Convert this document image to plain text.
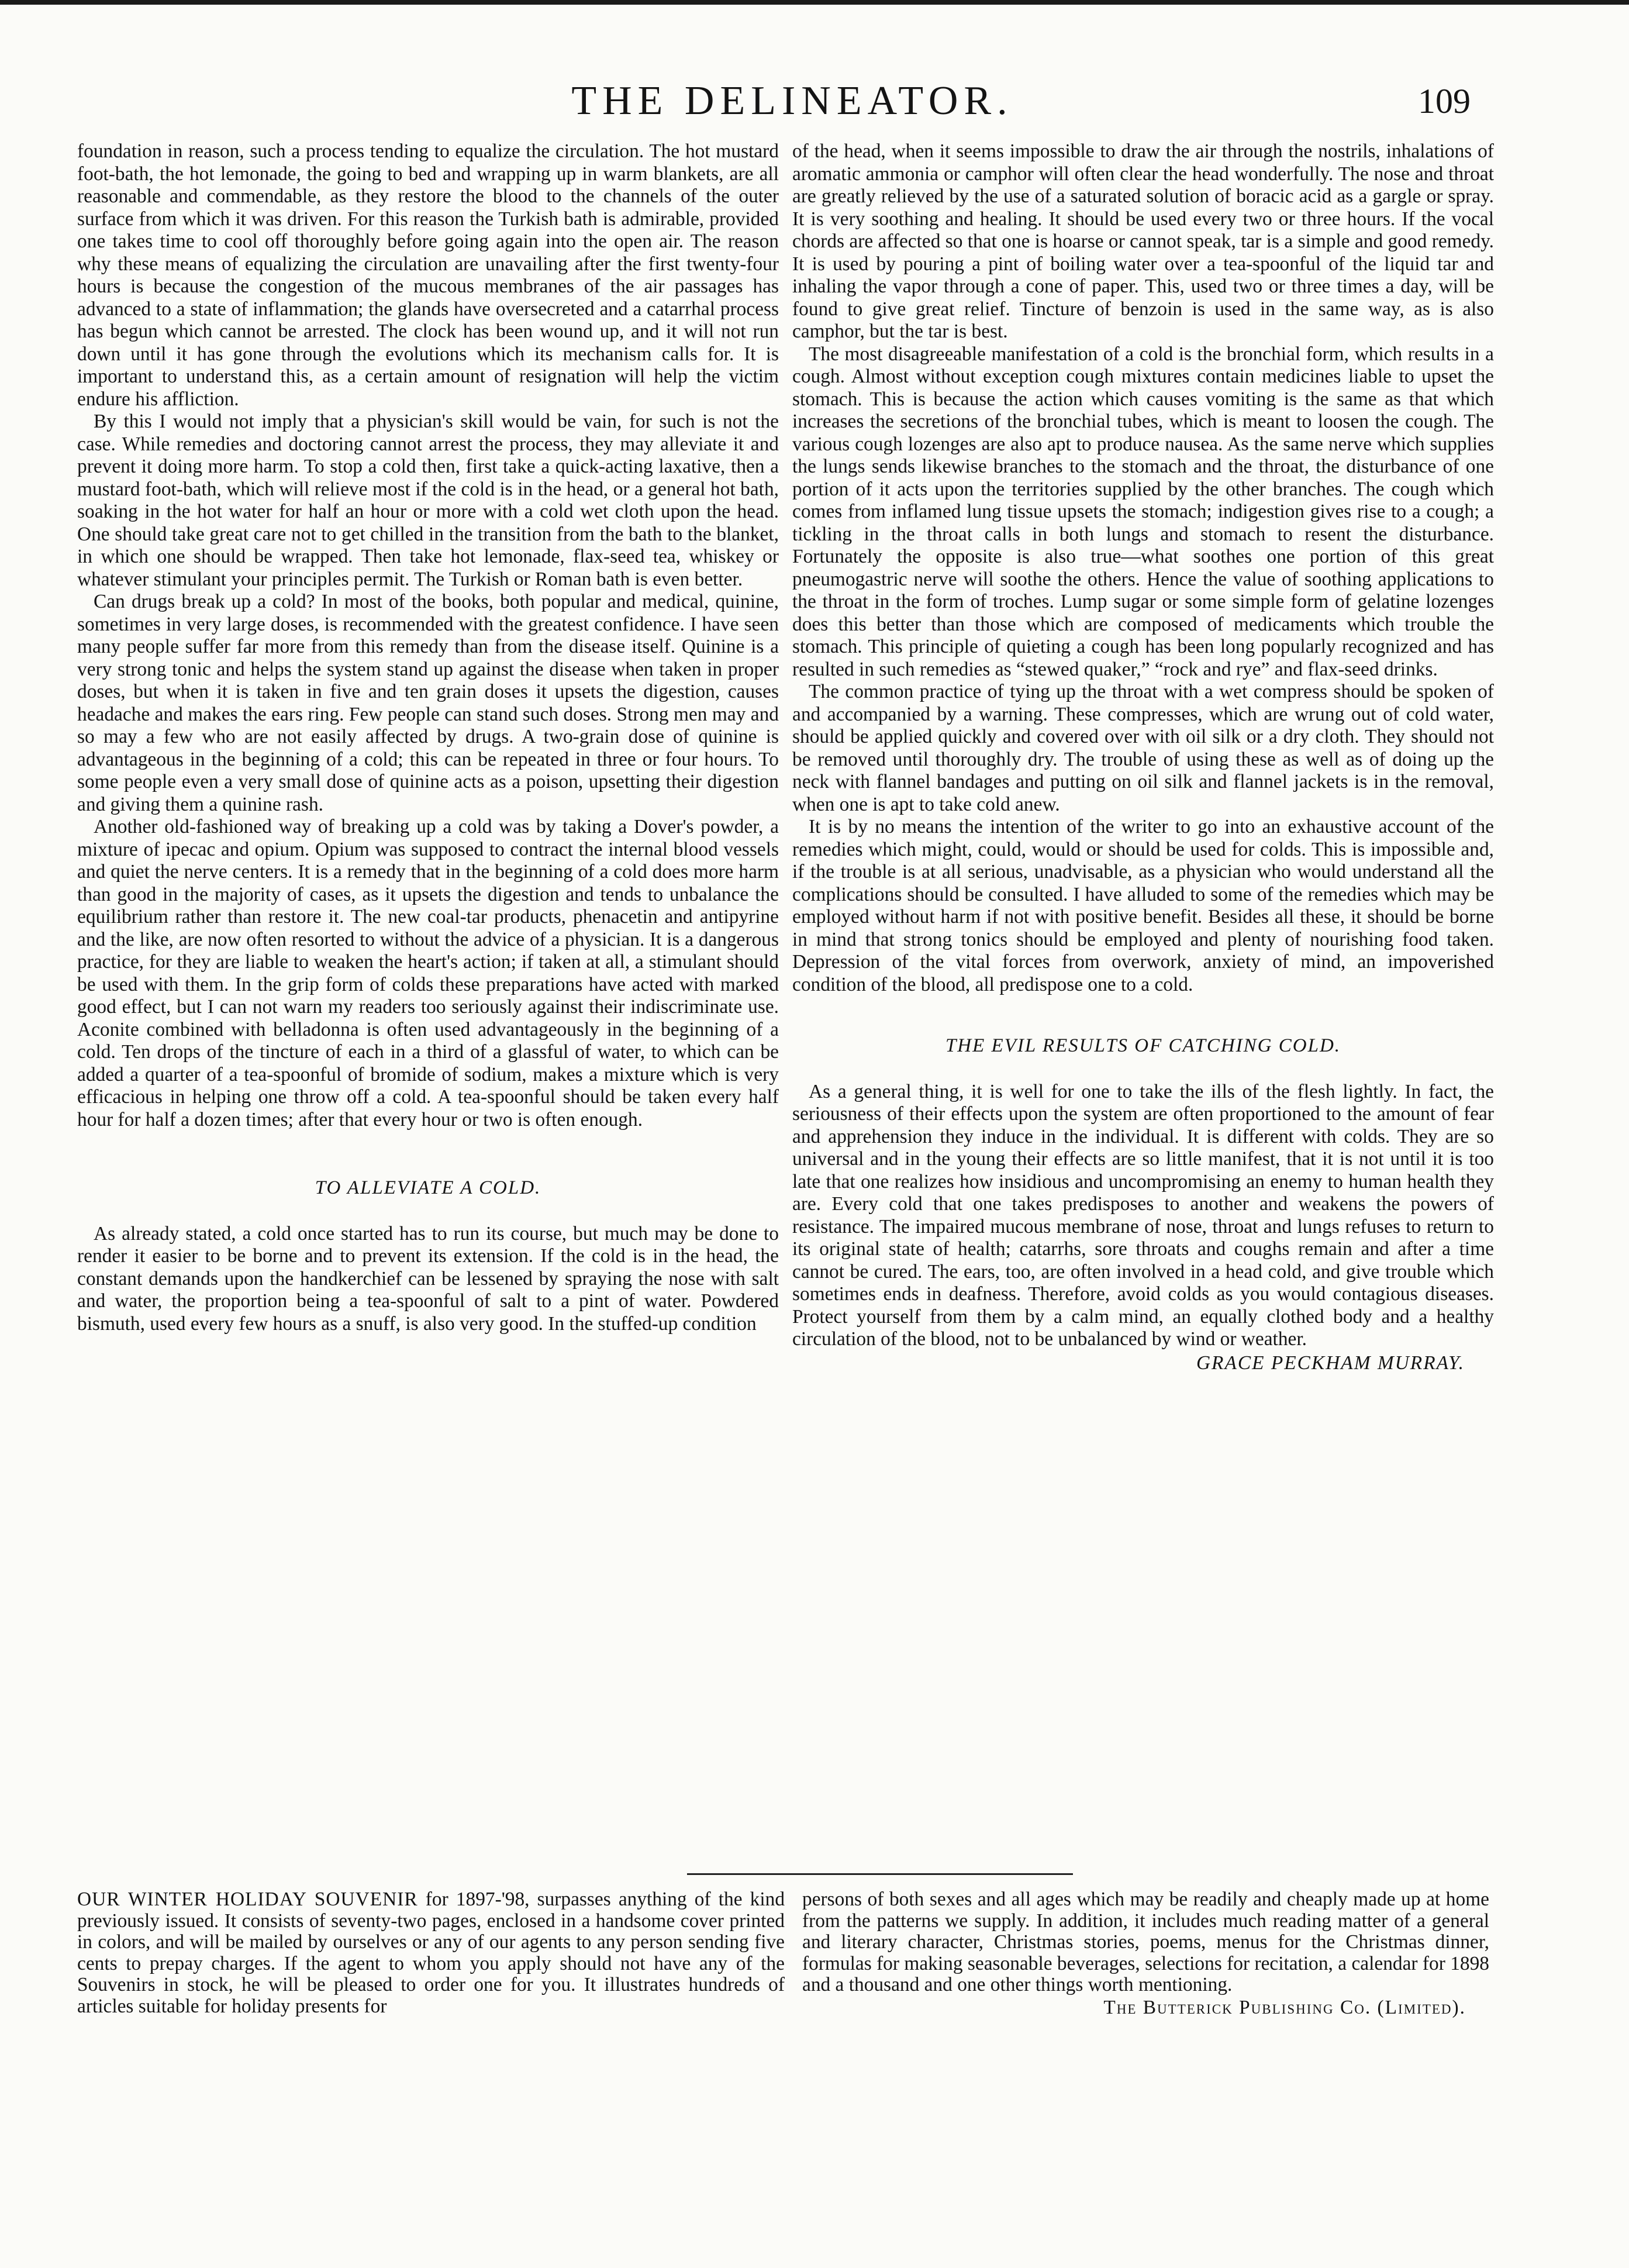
THE DELINEATOR.	109

foundation in reason, such a process tending to equalize the circulation. The hot mustard foot-bath, the hot lemonade, the going to bed and wrapping up in warm blankets, are all reasonable and commendable, as they restore the blood to the channels of the outer surface from which it was driven. For this reason the Turkish bath is admirable, provided one takes time to cool off thoroughly before going again into the open air. The reason why these means of equalizing the circulation are unavailing after the first twenty-four hours is because the congestion of the mucous membranes of the air passages has advanced to a state of inflammation; the glands have oversecreted and a catarrhal process has begun which cannot be arrested. The clock has been wound up, and it will not run down until it has gone through the evolutions which its mechanism calls for. It is important to understand this, as a certain amount of resignation will help the victim endure his affliction.

By this I would not imply that a physician's skill would be vain, for such is not the case. While remedies and doctoring cannot arrest the process, they may alleviate it and prevent it doing more harm. To stop a cold then, first take a quick-acting laxative, then a mustard foot-bath, which will relieve most if the cold is in the head, or a general hot bath, soaking in the hot water for half an hour or more with a cold wet cloth upon the head. One should take great care not to get chilled in the transition from the bath to the blanket, in which one should be wrapped. Then take hot lemonade, flax-seed tea, whiskey or whatever stimulant your principles permit. The Turkish or Roman bath is even better.

Can drugs break up a cold? In most of the books, both popular and medical, quinine, sometimes in very large doses, is recommended with the greatest confidence. I have seen many people suffer far more from this remedy than from the disease itself. Quinine is a very strong tonic and helps the system stand up against the disease when taken in proper doses, but when it is taken in five and ten grain doses it upsets the digestion, causes headache and makes the ears ring. Few people can stand such doses. Strong men may and so may a few who are not easily affected by drugs. A two-grain dose of quinine is advantageous in the beginning of a cold; this can be repeated in three or four hours. To some people even a very small dose of quinine acts as a poison, upsetting their digestion and giving them a quinine rash.

Another old-fashioned way of breaking up a cold was by taking a Dover's powder, a mixture of ipecac and opium. Opium was supposed to contract the internal blood vessels and quiet the nerve centers. It is a remedy that in the beginning of a cold does more harm than good in the majority of cases, as it upsets the digestion and tends to unbalance the equilibrium rather than restore it. The new coal-tar products, phenacetin and antipyrine and the like, are now often resorted to without the advice of a physician. It is a dangerous practice, for they are liable to weaken the heart's action; if taken at all, a stimulant should be used with them. In the grip form of colds these preparations have acted with marked good effect, but I can not warn my readers too seriously against their indiscriminate use. Aconite combined with belladonna is often used advantageously in the beginning of a cold. Ten drops of the tincture of each in a third of a glassful of water, to which can be added a quarter of a tea-spoonful of bromide of sodium, makes a mixture which is very efficacious in helping one throw off a cold. A tea-spoonful should be taken every half hour for half a dozen times; after that every hour or two is often enough.

TO ALLEVIATE A COLD.

As already stated, a cold once started has to run its course, but much may be done to render it easier to be borne and to prevent its extension. If the cold is in the head, the constant demands upon the handkerchief can be lessened by spraying the nose with salt and water, the proportion being a tea-spoonful of salt to a pint of water. Powdered bismuth, used every few hours as a snuff, is also very good. In the stuffed-up condition

of the head, when it seems impossible to draw the air through the nostrils, inhalations of aromatic ammonia or camphor will often clear the head wonderfully. The nose and throat are greatly relieved by the use of a saturated solution of boracic acid as a gargle or spray. It is very soothing and healing. It should be used every two or three hours. If the vocal chords are affected so that one is hoarse or cannot speak, tar is a simple and good remedy. It is used by pouring a pint of boiling water over a tea-spoonful of the liquid tar and inhaling the vapor through a cone of paper. This, used two or three times a day, will be found to give great relief. Tincture of benzoin is used in the same way, as is also camphor, but the tar is best.

The most disagreeable manifestation of a cold is the bronchial form, which results in a cough. Almost without exception cough mixtures contain medicines liable to upset the stomach. This is because the action which causes vomiting is the same as that which increases the secretions of the bronchial tubes, which is meant to loosen the cough. The various cough lozenges are also apt to produce nausea. As the same nerve which supplies the lungs sends likewise branches to the stomach and the throat, the disturbance of one portion of it acts upon the territories supplied by the other branches. The cough which comes from inflamed lung tissue upsets the stomach; indigestion gives rise to a cough; a tickling in the throat calls in both lungs and stomach to resent the disturbance. Fortunately the opposite is also true—what soothes one portion of this great pneumogastric nerve will soothe the others. Hence the value of soothing applications to the throat in the form of troches. Lump sugar or some simple form of gelatine lozenges does this better than those which are composed of medicaments which trouble the stomach. This principle of quieting a cough has been long popularly recognized and has resulted in such remedies as “stewed quaker,” “rock and rye” and flax-seed drinks.

The common practice of tying up the throat with a wet compress should be spoken of and accompanied by a warning. These compresses, which are wrung out of cold water, should be applied quickly and covered over with oil silk or a dry cloth. They should not be removed until thoroughly dry. The trouble of using these as well as of doing up the neck with flannel bandages and putting on oil silk and flannel jackets is in the removal, when one is apt to take cold anew.

It is by no means the intention of the writer to go into an exhaustive account of the remedies which might, could, would or should be used for colds. This is impossible and, if the trouble is at all serious, unadvisable, as a physician who would understand all the complications should be consulted. I have alluded to some of the remedies which may be employed without harm if not with positive benefit. Besides all these, it should be borne in mind that strong tonics should be employed and plenty of nourishing food taken. Depression of the vital forces from overwork, anxiety of mind, an impoverished condition of the blood, all predispose one to a cold.

THE EVIL RESULTS OF CATCHING COLD.

As a general thing, it is well for one to take the ills of the flesh lightly. In fact, the seriousness of their effects upon the system are often proportioned to the amount of fear and apprehension they induce in the individual. It is different with colds. They are so universal and in the young their effects are so little manifest, that it is not until it is too late that one realizes how insidious and uncompromising an enemy to human health they are. Every cold that one takes predisposes to another and weakens the powers of resistance. The impaired mucous membrane of nose, throat and lungs refuses to return to its original state of health; catarrhs, sore throats and coughs remain and after a time cannot be cured. The ears, too, are often involved in a head cold, and give trouble which sometimes ends in deafness. Therefore, avoid colds as you would contagious diseases. Protect yourself from them by a calm mind, an equally clothed body and a healthy circulation of the blood, not to be unbalanced by wind or weather.

GRACE PECKHAM MURRAY.

OUR WINTER HOLIDAY SOUVENIR for 1897-'98, surpasses anything of the kind previously issued. It consists of seventy-two pages, enclosed in a handsome cover printed in colors, and will be mailed by ourselves or any of our agents to any person sending five cents to prepay charges. If the agent to whom you apply should not have any of the Souvenirs in stock, he will be pleased to order one for you. It illustrates hundreds of articles suitable for holiday presents for

persons of both sexes and all ages which may be readily and cheaply made up at home from the patterns we supply. In addition, it includes much reading matter of a general and literary character, Christmas stories, poems, menus for the Christmas dinner, formulas for making seasonable beverages, selections for recitation, a calendar for 1898 and a thousand and one other things worth mentioning.

The Butterick Publishing Co. (Limited).
